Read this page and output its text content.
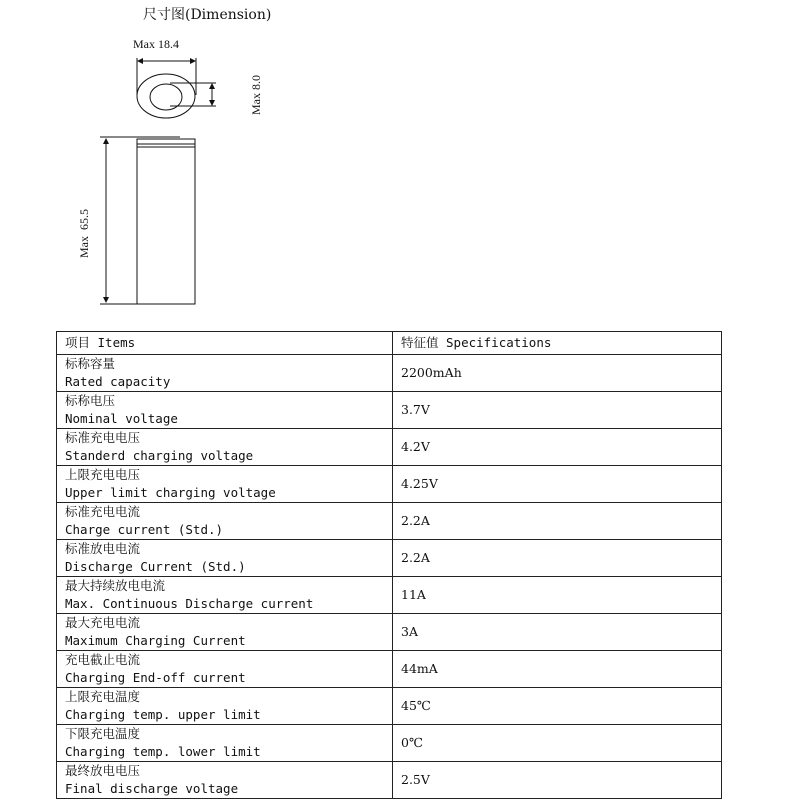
尺寸图(Dimension)
Max 18.4
Max 8.0
Max  65.5
项目 Items	特征值 Specifications

标称容量
Rated capacity	2200mAh

标称电压
Nominal voltage	3.7V

标准充电电压
Standerd charging voltage	4.2V

上限充电电压
Upper limit charging voltage	4.25V

标准充电电流
Charge current (Std.)	2.2A

标准放电电流
Discharge Current (Std.)	2.2A

最大持续放电电流
Max. Continuous Discharge current	11A

最大充电电流
Maximum Charging Current	3A

充电截止电流
Charging End-off current	44mA

上限充电温度
Charging temp. upper limit	45℃

下限充电温度
Charging temp. lower limit	0℃

最终放电电压
Final discharge voltage	2.5V
